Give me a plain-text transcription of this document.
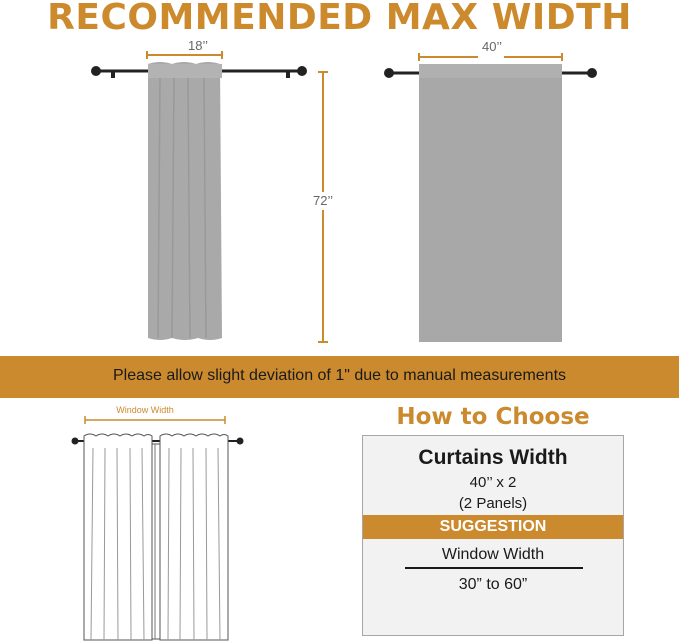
RECOMMENDED MAX WIDTH
18’’
72’’
40’’
Please allow slight deviation of 1" due to manual measurements
Window Width	How to Choose
Curtains Width
40’’ x 2
(2 Panels)
SUGGESTION
Window Width
30” to 60”
